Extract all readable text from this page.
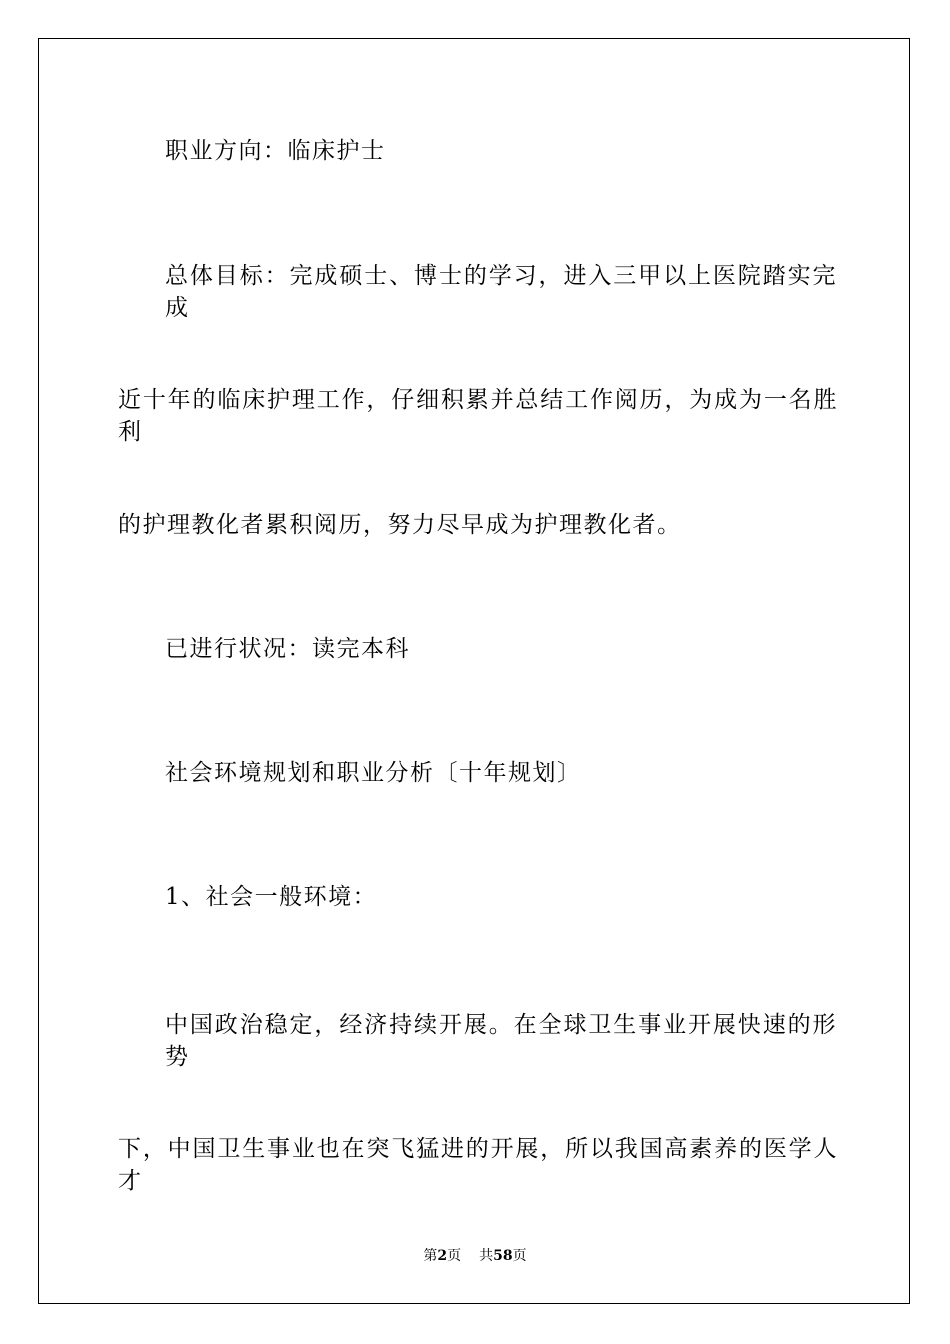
职业方向：临床护士
总体目标：完成硕士、博士的学习，进入三甲以上医院踏实完成
近十年的临床护理工作，仔细积累并总结工作阅历，为成为一名胜利
的护理教化者累积阅历，努力尽早成为护理教化者。
已进行状况：读完本科
社会环境规划和职业分析〔十年规划〕
1、社会一般环境：
中国政治稳定，经济持续开展。在全球卫生事业开展快速的形势
下，中国卫生事业也在突飞猛进的开展，所以我国高素养的医学人才
第2页 共58页
